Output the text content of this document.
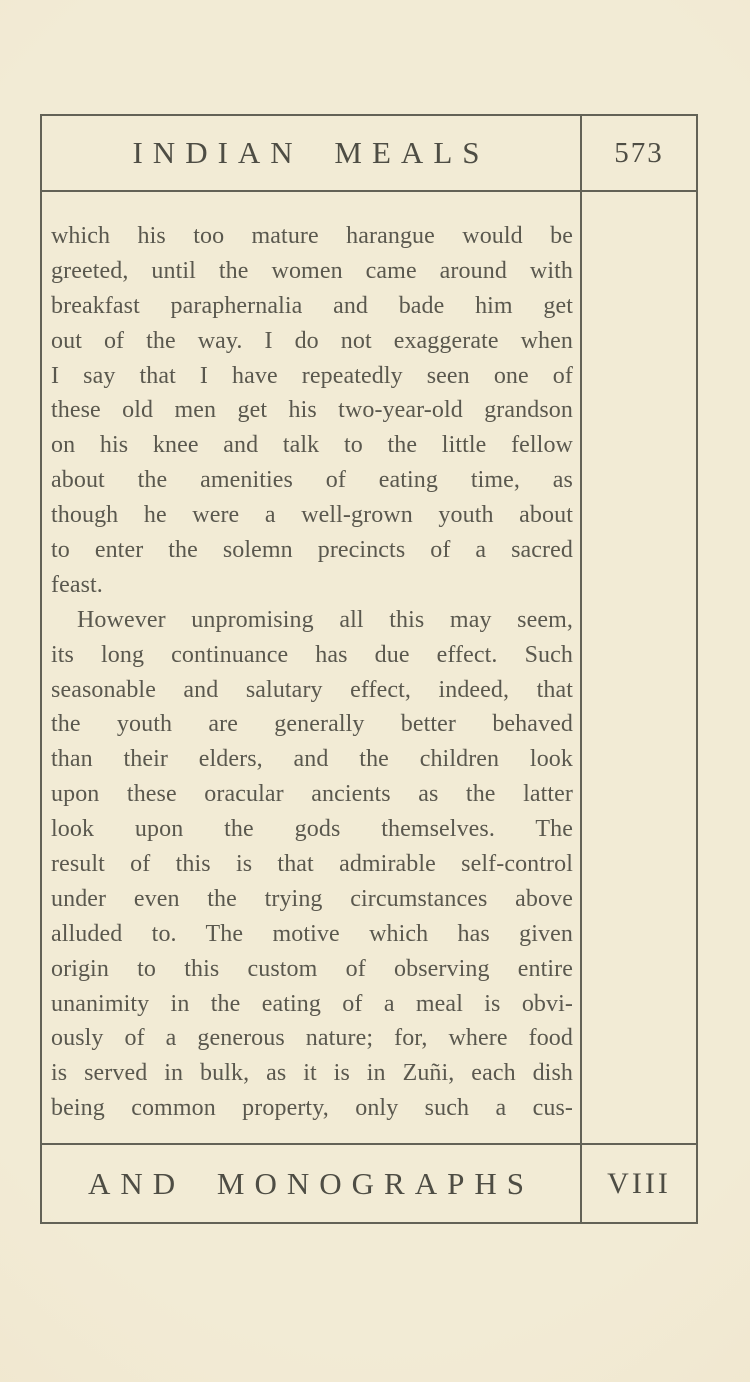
INDIAN MEALS	573
which his too mature harangue would be
greeted, until the women came around with
breakfast paraphernalia and bade him get
out of the way. I do not exaggerate when
I say that I have repeatedly seen one of
these old men get his two-year-old grandson
on his knee and talk to the little fellow
about the amenities of eating time, as
though he were a well-grown youth about
to enter the solemn precincts of a sacred
feast.
However unpromising all this may seem,
its long continuance has due effect. Such
seasonable and salutary effect, indeed, that
the youth are generally better behaved
than their elders, and the children look
upon these oracular ancients as the latter
look upon the gods themselves. The
result of this is that admirable self-control
under even the trying circumstances above
alluded to. The motive which has given
origin to this custom of observing entire
unanimity in the eating of a meal is obvi-
ously of a generous nature; for, where food
is served in bulk, as it is in Zuñi, each dish
being common property, only such a cus-
AND MONOGRAPHS VIII
